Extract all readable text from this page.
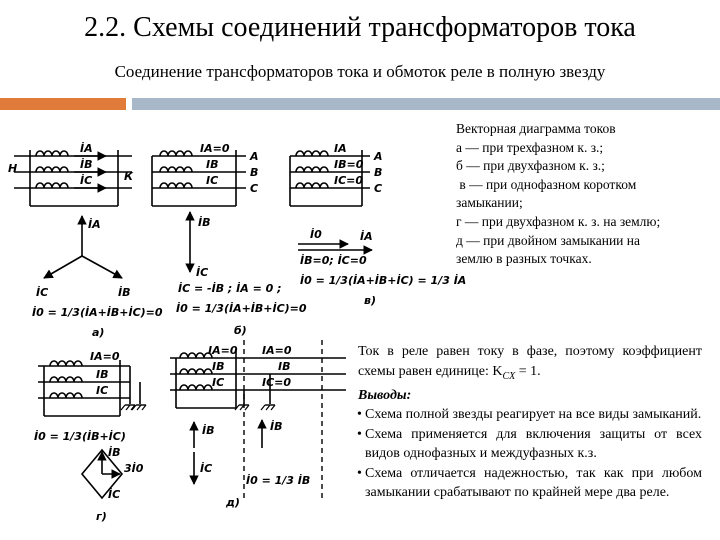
2.2. Схемы соединений трансформаторов тока
Соединение трансформаторов тока и обмоток реле в полную звезду
Н
К
İA
İB
İC
İA
İC	İB
İ0 = 1/3(İA+İB+İC)=0
а)
A
B
C
IA=0
IB
IC
İB
İC
İC = -İB ; İA = 0 ;
İ0 = 1/3(İA+İB+İC)=0
б)
A
B
C
IA
IB=0
IC=0
İ0	İA
İB=0; İC=0
İ0 = 1/3(İA+İB+İC) = 1/3 İA
в)
IA=0
IB
IC
İ0 = 1/3(İB+İC)
İB
3İ0
İC
г)
IA=0
IB
IC
IA=0
IB
IC=0
İB
İC
İB
İ0 = 1/3 İB
д)
Векторная диаграмма токов
а — при трехфазном к. з.;
б — при двухфазном к. з.;
в — при однофазном коротком
замыкании;
г — при двухфазном к. з. на землю;
д — при двойном замыкании на
землю в разных точках.

Ток в реле равен току в фазе, поэтому коэффициент схемы равен единице: $K_{CX} = 1$.

Выводы:

• Схема полной звезды реагирует на все виды замыканий.
• Схема применяется для включения защиты от всех видов однофазных и междуфазных к.з.
• Схема отличается надежностью, так как при любом замыкании срабатывают по крайней мере два реле.
